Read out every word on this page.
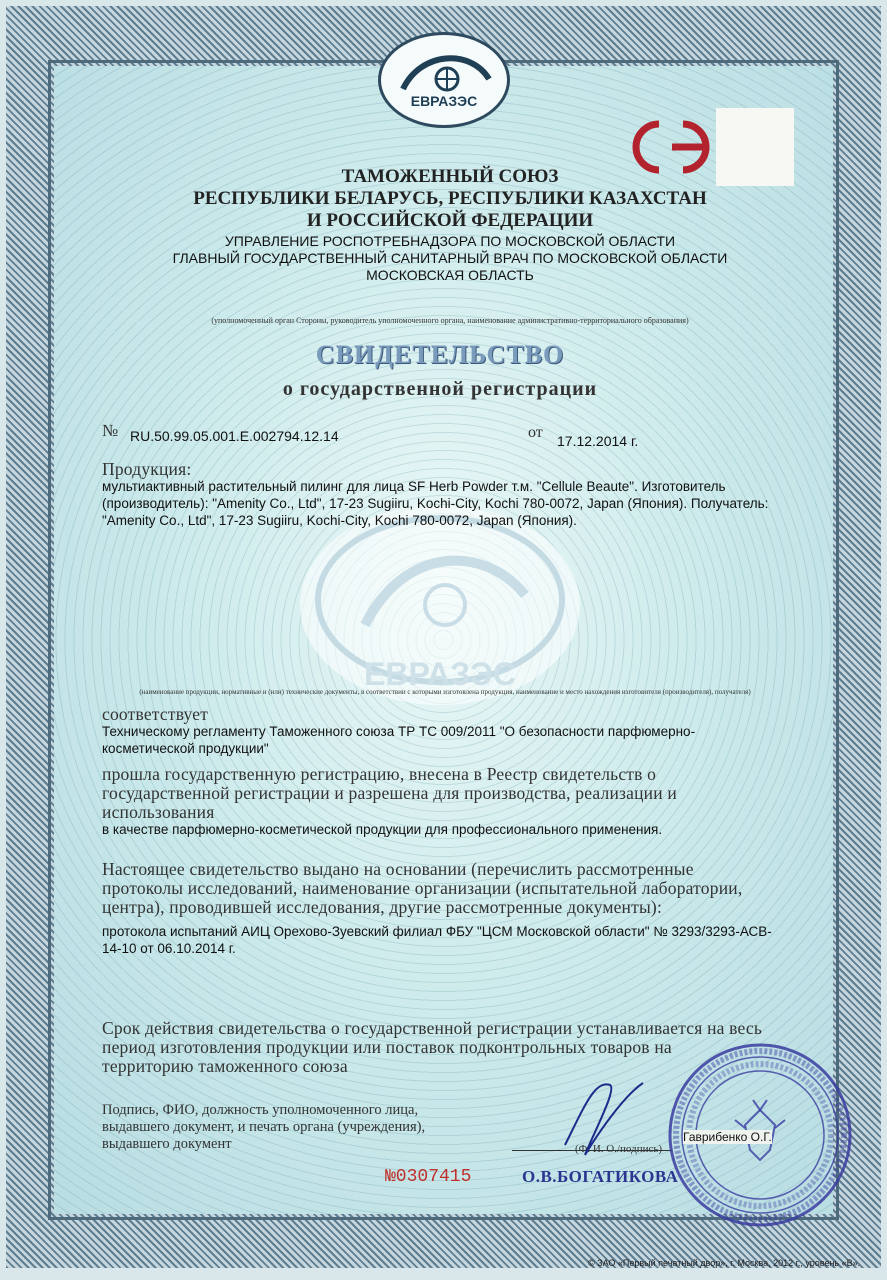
ЕВРАЗЭС
ЕВРАЗЭС
ТАМОЖЕННЫЙ СОЮЗ
РЕСПУБЛИКИ БЕЛАРУСЬ, РЕСПУБЛИКИ КАЗАХСТАН
И РОССИЙСКОЙ ФЕДЕРАЦИИ
УПРАВЛЕНИЕ РОСПОТРЕБНАДЗОРА ПО МОСКОВСКОЙ ОБЛАСТИ
ГЛАВНЫЙ ГОСУДАРСТВЕННЫЙ САНИТАРНЫЙ ВРАЧ ПО МОСКОВСКОЙ ОБЛАСТИ
МОСКОВСКАЯ ОБЛАСТЬ
(уполномоченный орган Стороны, руководитель уполномоченного органа, наименование административно-территориального образования)
СВИДЕТЕЛЬСТВО
о государственной регистрации
№ RU.50.99.05.001.E.002794.12.14	от 17.12.2014 г.
Продукция:
мультиактивный растительный пилинг для лица SF Herb Powder т.м. "Cellule Beaute". Изготовитель
(производитель): "Amenity Co., Ltd", 17-23 Sugiiru, Kochi-City, Kochi 780-0072, Japan (Япония). Получатель:
"Amenity Co., Ltd", 17-23 Sugiiru, Kochi-City, Kochi 780-0072, Japan (Япония).
(наименование продукции, нормативные и (или) технические документы, в соответствии с которыми изготовлена продукция, наименование и место нахождения изготовителя (производителя), получателя)
соответствует
Техническому регламенту Таможенного союза ТР ТС 009/2011 "О безопасности парфюмерно-
косметической продукции"
прошла государственную регистрацию, внесена в Реестр свидетельств о
государственной регистрации и разрешена для производства, реализации и
использования
в качестве парфюмерно-косметической продукции для профессионального применения.
Настоящее свидетельство выдано на основании (перечислить рассмотренные
протоколы исследований, наименование организации (испытательной лаборатории,
центра), проводившей исследования, другие рассмотренные документы):
протокола испытаний АИЦ Орехово-Зуевский филиал ФБУ "ЦСМ Московской области" № 3293/3293-АСВ-
14-10 от 06.10.2014 г.
Срок действия свидетельства о государственной регистрации устанавливается на весь
период изготовления продукции или поставок подконтрольных товаров на
территорию таможенного союза
Подпись, ФИО, должность уполномоченного лица,
выдавшего документ, и печать органа (учреждения),
выдавшего документ	(Ф. И. О./подпись)
Гаврибенко О.Г.
О.В.БОГАТИКОВА
№0307415
© ЗАО «Первый печатный двор», г. Москва, 2012 г., уровень «В».
